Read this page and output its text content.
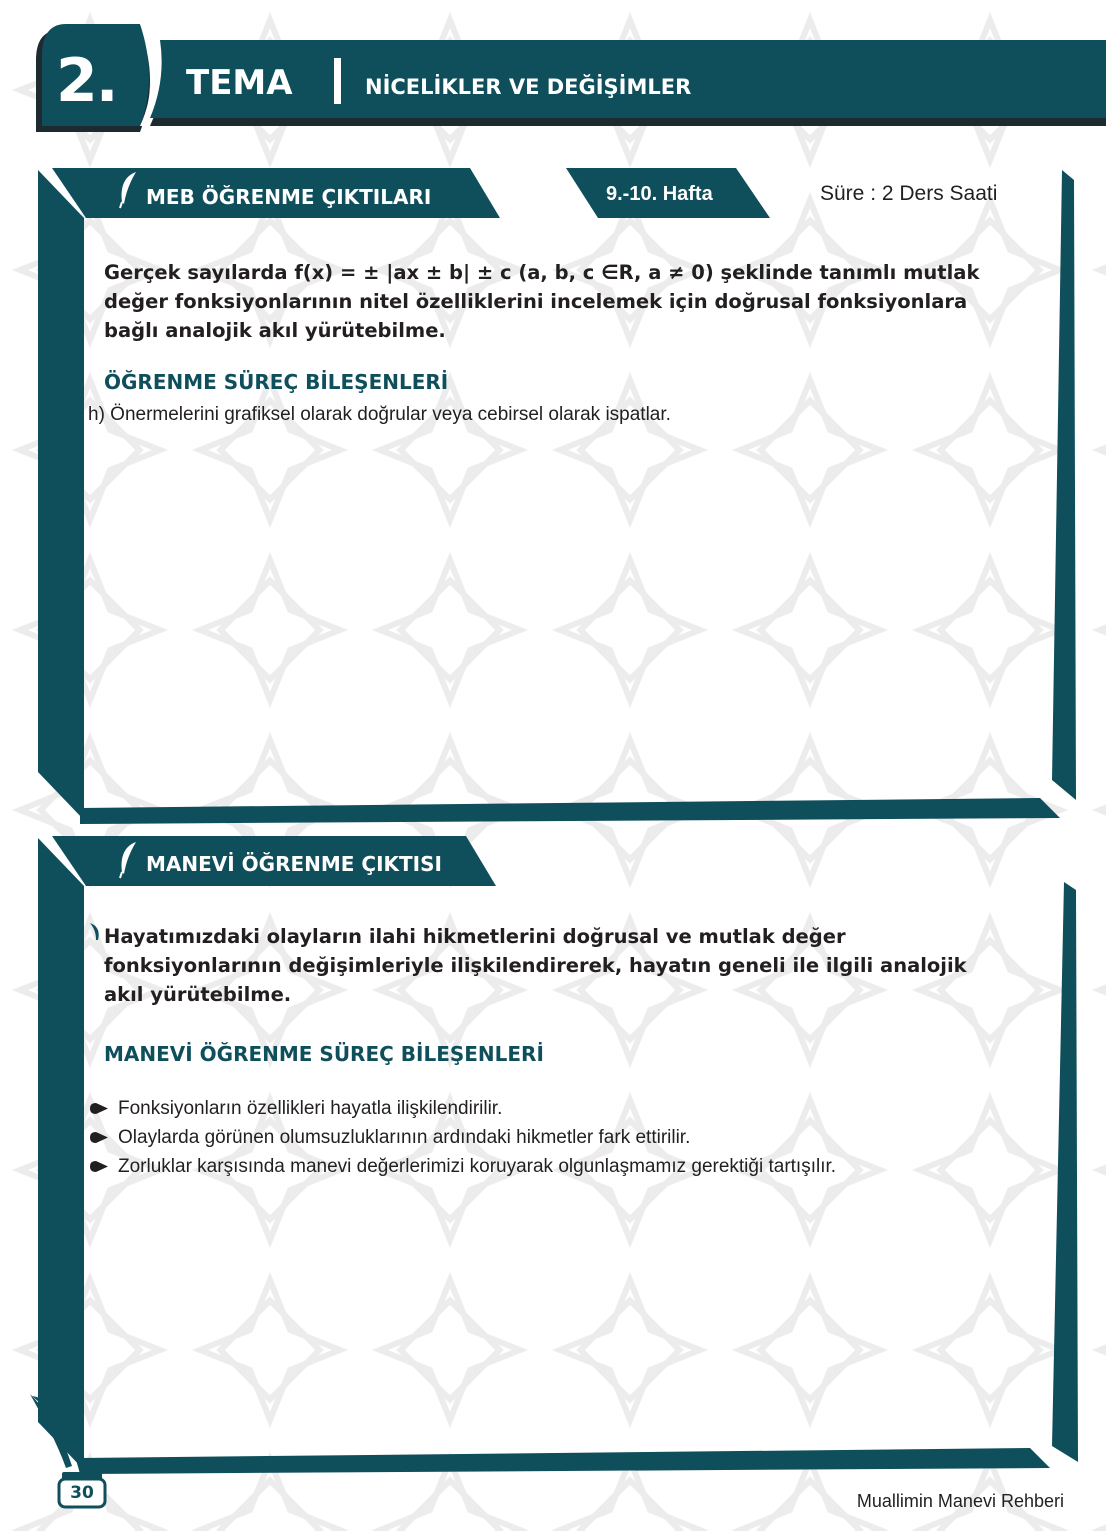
2.	TEMA	NİCELİKLER VE DEĞİŞİMLER
MEB ÖĞRENME ÇIKTILARI	9.-10. Hafta	Süre : 2 Ders Saati
Gerçek sayılarda f(x) = ± |ax ± b| ± c (a, b, c ∈R, a ≠ 0) şeklinde tanımlı mutlak değer fonksiyonlarının nitel özelliklerini incelemek için doğrusal fonksiyonlara bağlı analojik akıl yürütebilme.
ÖĞRENME SÜREÇ BİLEŞENLERİ
h) Önermelerini grafiksel olarak doğrular veya cebirsel olarak ispatlar.
MANEVİ ÖĞRENME ÇIKTISI
Hayatımızdaki olayların ilahi hikmetlerini doğrusal ve mutlak değer fonksiyonlarının değişimleriyle ilişkilendirerek, hayatın geneli ile ilgili analojik akıl yürütebilme.
MANEVİ ÖĞRENME SÜREÇ BİLEŞENLERİ
Fonksiyonların özellikleri hayatla ilişkilendirilir.
Olaylarda görünen olumsuzluklarının ardındaki hikmetler fark ettirilir.
Zorluklar karşısında manevi değerlerimizi koruyarak olgunlaşmamız gerektiği tartışılır.
30	Muallimin Manevi Rehberi
